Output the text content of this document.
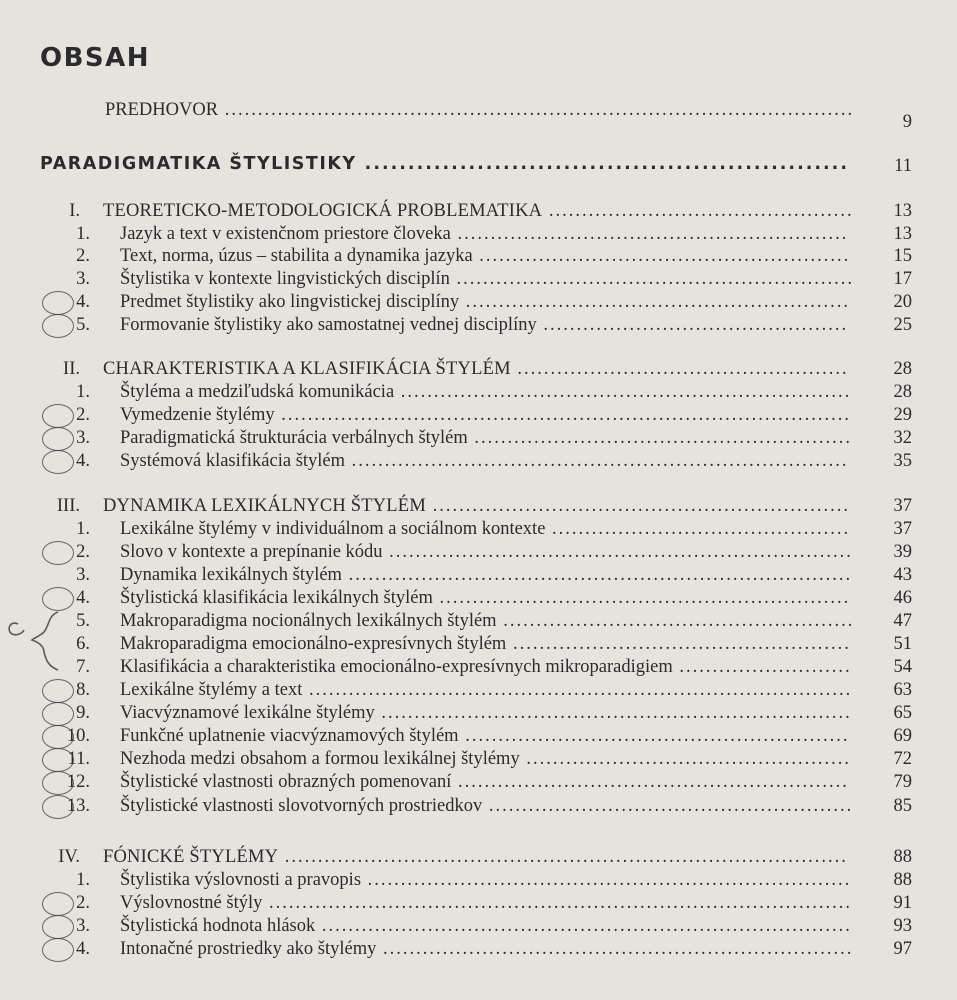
OBSAH
PREDHOVOR ...............................................................................................
9
PARADIGMATIKA ŠTYLISTIKY ........................................................ 11
I. TEORETICKO-METODOLOGICKÁ PROBLEMATIKA .............................................. 13
1. Jazyk a text v existenčnom priestore človeka ........................................................... 13
2. Text, norma, úzus – stabilita a dynamika jazyka ........................................................ 15
3. Štylistika v kontexte lingvistických disciplín ............................................................ 17
4. Predmet štylistiky ako lingvistickej disciplíny .......................................................... 20
5. Formovanie štylistiky ako samostatnej vednej disciplíny .............................................. 25
II. CHARAKTERISTIKA A KLASIFIKÁCIA ŠTYLÉM .................................................. 28
1. Štyléma a medziľudská komunikácia .................................................................... 28
2. Vymedzenie štylémy ...................................................................................... 29
3. Paradigmatická štrukturácia verbálnych štylém ......................................................... 32
4. Systémová klasifikácia štylém ........................................................................... 35
III. DYNAMIKA LEXIKÁLNYCH ŠTYLÉM ............................................................... 37
1. Lexikálne štylémy v individuálnom a sociálnom kontexte ............................................. 37
2. Slovo v kontexte a prepínanie kódu ...................................................................... 39
3. Dynamika lexikálnych štylém ............................................................................ 43
4. Štylistická klasifikácia lexikálnych štylém .............................................................. 46
5. Makroparadigma nocionálnych lexikálnych štylém ..................................................... 47
6. Makroparadigma emocionálno-expresívnych štylém ................................................... 51
7. Klasifikácia a charakteristika emocionálno-expresívnych mikroparadigiem .......................... 54
8. Lexikálne štylémy a text .................................................................................. 63
9. Viacvýznamové lexikálne štylémy ....................................................................... 65
10. Funkčné uplatnenie viacvýznamových štylém .......................................................... 69
11. Nezhoda medzi obsahom a formou lexikálnej štylémy ................................................. 72
12. Štylistické vlastnosti obrazných pomenovaní ........................................................... 79
13. Štylistické vlastnosti slovotvorných prostriedkov ....................................................... 85
IV. FÓNICKÉ ŠTYLÉMY ..................................................................................... 88
1. Štylistika výslovnosti a pravopis ......................................................................... 88
2. Výslovnostné štýly ........................................................................................ 91
3. Štylistická hodnota hlások ................................................................................ 93
4. Intonačné prostriedky ako štylémy ....................................................................... 97
